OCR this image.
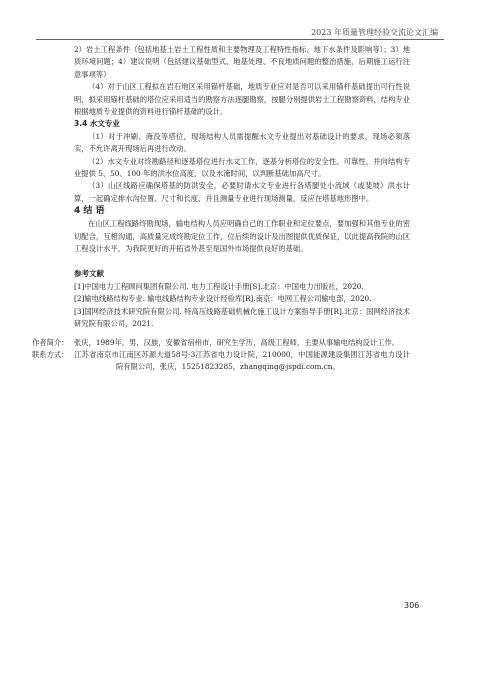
2023 年质量管理经验交流论文汇编

2）岩土工程条件（包括地基土岩土工程性质和主要物理及工程特性指标、地下水条件及影响等）；3）地质环境问题；4）建议说明（包括建议基础型式、地基处理、不良地质问题的整治措施、后期施工运行注意事项等）

（4）对于山区工程拟在岩石地区采用锚杆基础，地质专业应对是否可以采用锚杆基础提出可行性说明，拟采用锚杆基础的塔位应采用适当的勘察方法逐腿勘察，按腿分别提供岩土工程勘察资料，结构专业根据地质专业提供的资料进行锚杆基础的设计。

3.4 水文专业

（1）对于冲刷、淹没等塔位，现场结构人员需提醒水文专业提出对基础设计的要求，现场必须落实，不允许离开现场后再进行改动。

（2）水文专业对终勘路径和逐基塔位进行水文工作，逐基分析塔位的安全性、可靠性，并向结构专业提供 5、50、100 年的洪水位高度，以及水淹时间，以判断基础加高尺寸。

（3）山区线路应确保塔基的防洪安全，必要时请水文专业进行各塔腿处小流域（或斐坡）洪水计算，一起确定排水沟位置、尺寸和长度，并且测量专业进行现场测量，反应在塔基地形图中。

4 结 语

在山区工程线路终勘现场，输电结构人员应明确自己的工作职业和定位要点，要加强和其他专业的密切配合，互相沟通，高质量完成终勘定位工作，位后续的设计及出图提供优质保证，以此提高我院的山区工程设计水平，为我院更好的开拓省外甚至是国外市场提供良好的基础。

参考文献

[1]中国电力工程顾问集团有限公司. 电力工程设计手册[S].北京：中国电力出版社，2020.

[2]输电线路结构专业. 输电线路结构专业设计经验库[R].南京：电网工程公司输电部，2020.

[3]国网经济技术研究院有限公司. 特高压线路基础机械化施工设计方案指导手册[R].北京：国网经济技术研究院有限公司，2021.

作者简介： 张庆，1989年，男，汉族，安徽省宿州市，研究生学历，高级工程师，主要从事输电结构设计工作。

联系方式： 江苏省南京市江南区苏源大道58号-3江苏省电力设计院，210000，中国能源建设集团江苏省电力设计院有限公司，张庆，15251823285，zhangqing@jspdi.com.cn。

306
